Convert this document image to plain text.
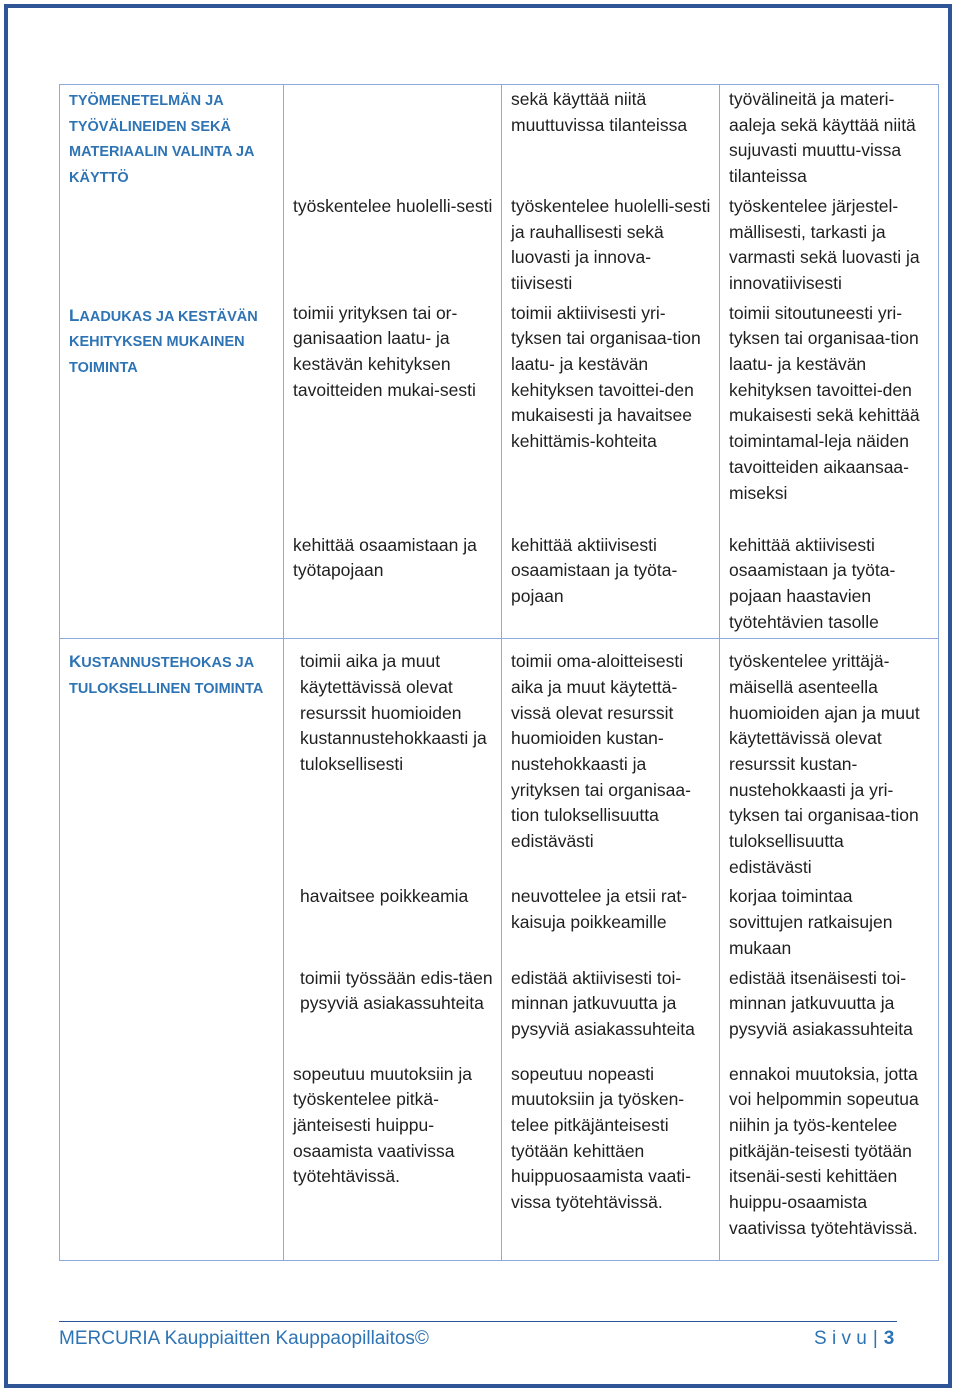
TYÖMENETELMÄN JA TYÖVÄLINEIDEN SEKÄ MATERIAALIN VALINTA JA KÄYTTÖ		sekä käyttää niitä muuttuvissa tilanteissa	työvälineitä ja materi-aaleja sekä käyttää niitä sujuvasti muuttu-vissa tilanteissa
	työskentelee huolelli-sesti	työskentelee huolelli-sesti ja rauhallisesti sekä luovasti ja innova-tiivisesti	työskentelee järjestel-mällisesti, tarkasti ja varmasti sekä luovasti ja innovatiivisesti
LAADUKAS JA KESTÄVÄN KEHITYKSEN MUKAINEN TOIMINTA	toimii yrityksen tai or-ganisaation laatu- ja kestävän kehityksen tavoitteiden mukai-sesti	toimii aktiivisesti yri-tyksen tai organisaa-tion laatu- ja kestävän kehityksen tavoittei-den mukaisesti ja havaitsee kehittämis-kohteita	toimii sitoutuneesti yri-tyksen tai organisaa-tion laatu- ja kestävän kehityksen tavoittei-den mukaisesti sekä kehittää toimintamal-leja näiden tavoitteiden aikaansaa-miseksi
	kehittää osaamistaan ja työtapojaan	kehittää aktiivisesti osaamistaan ja työta-pojaan	kehittää aktiivisesti osaamistaan ja työta-pojaan haastavien työtehtävien tasolle
KUSTANNUSTEHOKAS JA TULOKSELLINEN TOIMINTA	toimii aika ja muut käytettävissä olevat resurssit huomioiden kustannustehokkaasti ja tuloksellisesti	toimii oma-aloitteisesti aika ja muut käytettä-vissä olevat resurssit huomioiden kustan-nustehokkaasti ja yrityksen tai organisaa-tion tuloksellisuutta edistävästi	työskentelee yrittäjä-mäisellä asenteella huomioiden ajan ja muut käytettävissä olevat resurssit kustan-nustehokkaasti ja yri-tyksen tai organisaa-tion tuloksellisuutta edistävästi
	havaitsee poikkeamia	neuvottelee ja etsii rat-kaisuja poikkeamille	korjaa toimintaa sovittujen ratkaisujen mukaan
	toimii työssään edis-täen pysyviä asiakassuhteita	edistää aktiivisesti toi-minnan jatkuvuutta ja pysyviä asiakassuhteita	edistää itsenäisesti toi-minnan jatkuvuutta ja pysyviä asiakassuhteita
	sopeutuu muutoksiin ja työskentelee pitkä-jänteisesti huippu-osaamista vaativissa työtehtävissä.	sopeutuu nopeasti muutoksiin ja työsken-telee pitkäjänteisesti työtään kehittäen huippuosaamista vaati-vissa työtehtävissä.	ennakoi muutoksia, jotta voi helpommin sopeutua niihin ja työs-kentelee pitkäjän-teisesti työtään itsenäi-sesti kehittäen huippu-osaamista vaativissa työtehtävissä.
MERCURIA Kauppiaitten Kauppaopillaitos©	S i v u | 3
